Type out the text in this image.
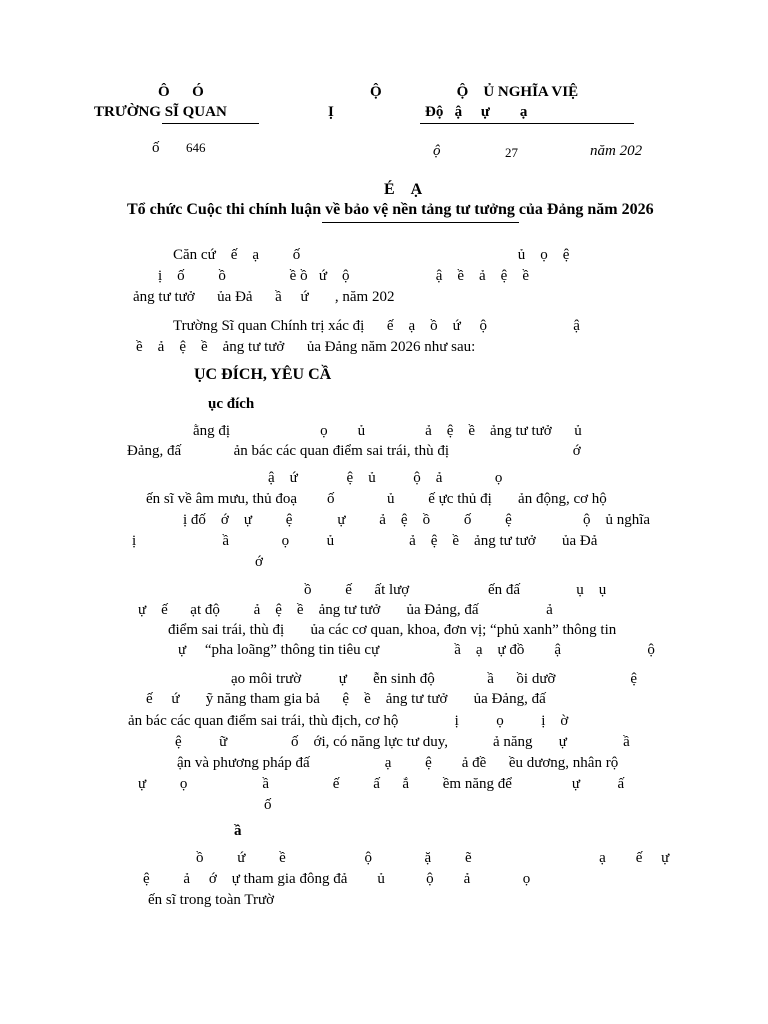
Ô      Ó
TRƯỜNG SĨ QUAN	Ị
Ộ                    Ộ    Ủ NGHĨA VIỆ
Độ   ậ     ự        ạ
ố 646	ộ	27	năm 202
É    Ạ
Tổ chức Cuộc thi chính luận về bảo vệ nền tảng tư tưởng của Đảng năm 2026
Căn cứ    ế    ạ         ố                                                          ủ    ọ    ệ
ị    ố         ồ                 ề ồ   ứ    ộ                       ậ    ề    ả    ệ    ề
ảng tư tưở      ủa Đả      ầ     ứ       , năm 202
Trường Sĩ quan Chính trị xác đị      ế    ạ    ồ    ứ     ộ                       ậ
ề    ả    ệ    ề    ảng tư tưở      ủa Đảng năm 2026 như sau:
ỤC ĐÍCH, YÊU CẦ
ục đích
ằng đị                        ọ        ủ                ả    ệ    ề    ảng tư tưở      ủ
Đảng, đấ              ản bác các quan điểm sai trái, thù đị                                 ớ
ậ    ứ             ệ    ủ          ộ    ả              ọ
ến sĩ về âm mưu, thủ đoạ        ố              ủ         ế ực thủ đị       ản động, cơ hộ
ị đố    ớ    ự         ệ            ự         ả    ệ    ồ         ố         ệ                   ộ    ủ nghĩa
ị                       ầ              ọ          ủ                    ả    ệ    ề    ảng tư tưở       ủa Đả
ớ
ồ         ế      ất lượ                     ến đấ               ụ    ụ
ự    ế      ạt độ         ả    ệ    ề    ảng tư tưở       ủa Đảng, đấ                  ả
điểm sai trái, thù đị       ủa các cơ quan, khoa, đơn vị; “phủ xanh” thông tin
ự     “pha loãng” thông tin tiêu cự                    ầ    ạ    ự đồ        ậ                       ộ
ạo môi trườ          ự       ễn sinh độ              ầ      ồi dưỡ                    ệ
ế     ứ       ỹ năng tham gia bả      ệ    ề    ảng tư tưở       ủa Đảng, đấ
ản bác các quan điểm sai trái, thù địch, cơ hộ               ị          ọ          ị    ờ
ệ          ữ                 ố    ới, có năng lực tư duy,            ả năng       ự               ầ
ận và phương pháp đấ                    ạ         ệ        ả đề      ều dương, nhân rộ
ự         ọ                    ầ                 ế         ấ      ắ         ềm năng để                ự          ấ
ố
ầ
ồ         ứ         ề                     ộ              ặ         ẽ                                  ạ        ế     ự
ệ         ả     ớ    ự tham gia đông đả        ủ           ộ        ả              ọ
ến sĩ trong toàn Trườ
